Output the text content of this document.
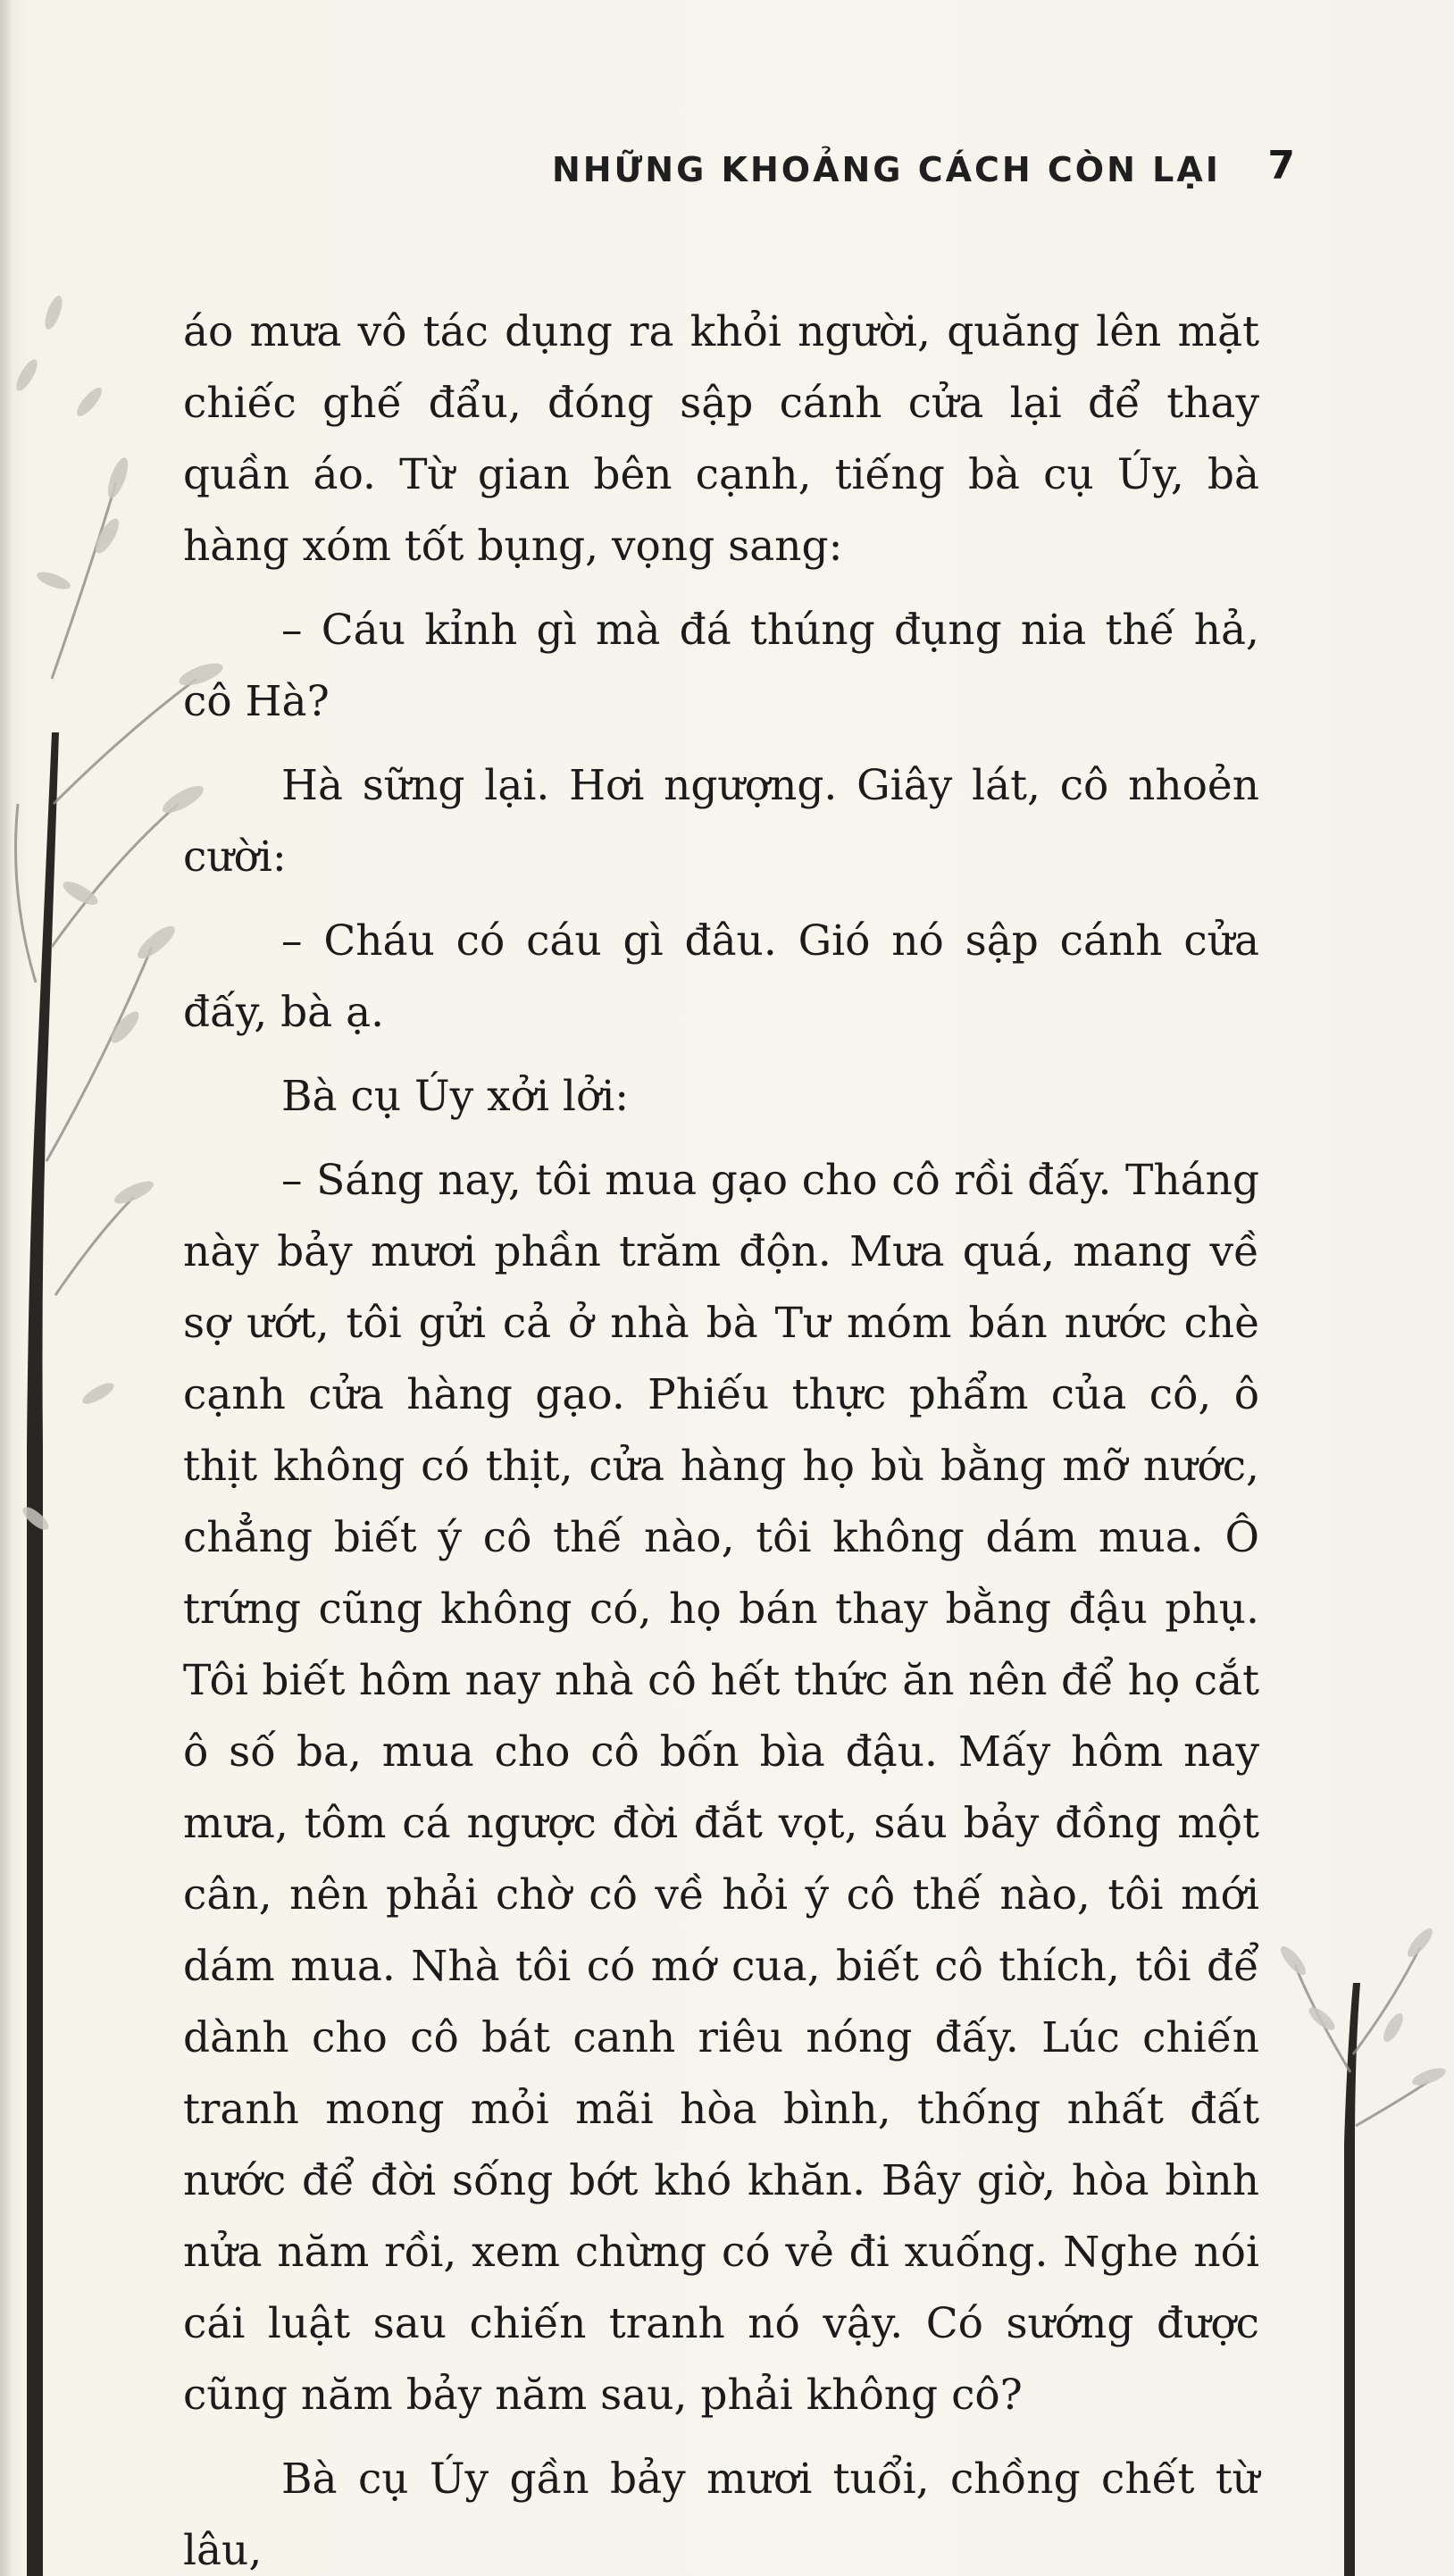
NHỮNG KHOẢNG CÁCH CÒN LẠI	7

áo mưa vô tác dụng ra khỏi người, quăng lên mặt chiếc ghế đẩu, đóng sập cánh cửa lại để thay quần áo. Từ gian bên cạnh, tiếng bà cụ Úy, bà hàng xóm tốt bụng, vọng sang:

– Cáu kỉnh gì mà đá thúng đụng nia thế hả, cô Hà?

Hà sững lại. Hơi ngượng. Giây lát, cô nhoẻn cười:

– Cháu có cáu gì đâu. Gió nó sập cánh cửa đấy, bà ạ.

Bà cụ Úy xởi lởi:

– Sáng nay, tôi mua gạo cho cô rồi đấy. Tháng này bảy mươi phần trăm độn. Mưa quá, mang về sợ ướt, tôi gửi cả ở nhà bà Tư móm bán nước chè cạnh cửa hàng gạo. Phiếu thực phẩm của cô, ô thịt không có thịt, cửa hàng họ bù bằng mỡ nước, chẳng biết ý cô thế nào, tôi không dám mua. Ô trứng cũng không có, họ bán thay bằng đậu phụ. Tôi biết hôm nay nhà cô hết thức ăn nên để họ cắt ô số ba, mua cho cô bốn bìa đậu. Mấy hôm nay mưa, tôm cá ngược đời đắt vọt, sáu bảy đồng một cân, nên phải chờ cô về hỏi ý cô thế nào, tôi mới dám mua. Nhà tôi có mớ cua, biết cô thích, tôi để dành cho cô bát canh riêu nóng đấy. Lúc chiến tranh mong mỏi mãi hòa bình, thống nhất đất nước để đời sống bớt khó khăn. Bây giờ, hòa bình nửa năm rồi, xem chừng có vẻ đi xuống. Nghe nói cái luật sau chiến tranh nó vậy. Có sướng được cũng năm bảy năm sau, phải không cô?

Bà cụ Úy gần bảy mươi tuổi, chồng chết từ lâu,
